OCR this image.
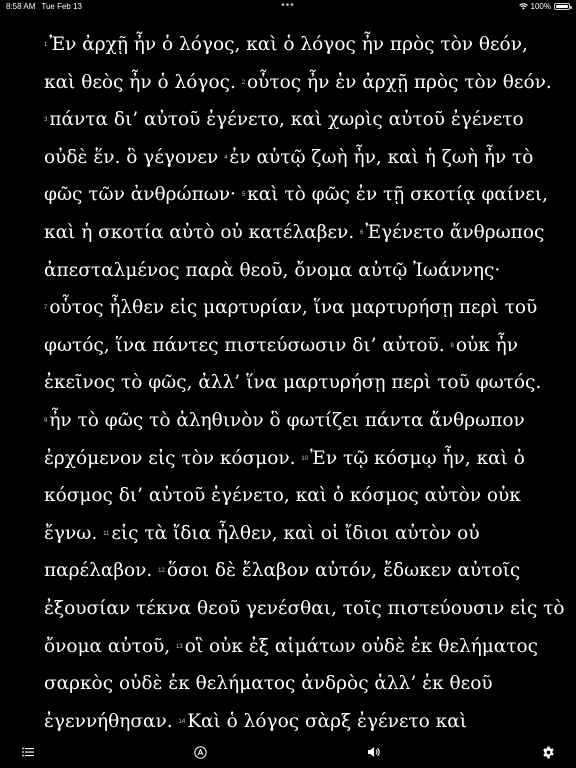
8:58 AM Tue Feb 13	•••	100%
$^1$ Ἐν ἀρχῇ ἦν ὁ λόγος, καὶ ὁ λόγος ἦν πρὸς τὸν θεόν,
καὶ θεὸς ἦν ὁ λόγος. $^2$ οὗτος ἦν ἐν ἀρχῇ πρὸς τὸν θεόν.
$^3$ πάντα δι’ αὐτοῦ ἐγένετο, καὶ χωρὶς αὐτοῦ ἐγένετο
οὐδὲ ἕν. ὃ γέγονεν $^4$ ἐν αὐτῷ ζωὴ ἦν, καὶ ἡ ζωὴ ἦν τὸ
φῶς τῶν ἀνθρώπων· $^5$ καὶ τὸ φῶς ἐν τῇ σκοτίᾳ φαίνει,
καὶ ἡ σκοτία αὐτὸ οὐ κατέλαβεν. $^6$ Ἐγένετο ἄνθρωπος
ἀπεσταλμένος παρὰ θεοῦ, ὄνομα αὐτῷ Ἰωάννης·
$^7$ οὗτος ἦλθεν εἰς μαρτυρίαν, ἵνα μαρτυρήσῃ περὶ τοῦ
φωτός, ἵνα πάντες πιστεύσωσιν δι’ αὐτοῦ. $^8$ οὐκ ἦν
ἐκεῖνος τὸ φῶς, ἀλλ’ ἵνα μαρτυρήσῃ περὶ τοῦ φωτός.
$^9$ ἦν τὸ φῶς τὸ ἀληθινὸν ὃ φωτίζει πάντα ἄνθρωπον
ἐρχόμενον εἰς τὸν κόσμον. $^{10}$ Ἐν τῷ κόσμῳ ἦν, καὶ ὁ
κόσμος δι’ αὐτοῦ ἐγένετο, καὶ ὁ κόσμος αὐτὸν οὐκ
ἔγνω. $^{11}$ εἰς τὰ ἴδια ἦλθεν, καὶ οἱ ἴδιοι αὐτὸν οὐ
παρέλαβον. $^{12}$ ὅσοι δὲ ἔλαβον αὐτόν, ἔδωκεν αὐτοῖς
ἐξουσίαν τέκνα θεοῦ γενέσθαι, τοῖς πιστεύουσιν εἰς τὸ
ὄνομα αὐτοῦ, $^{13}$ οἳ οὐκ ἐξ αἱμάτων οὐδὲ ἐκ θελήματος
σαρκὸς οὐδὲ ἐκ θελήματος ἀνδρὸς ἀλλ’ ἐκ θεοῦ
ἐγεννήθησαν. $^{14}$ Καὶ ὁ λόγος σὰρξ ἐγένετο καὶ
